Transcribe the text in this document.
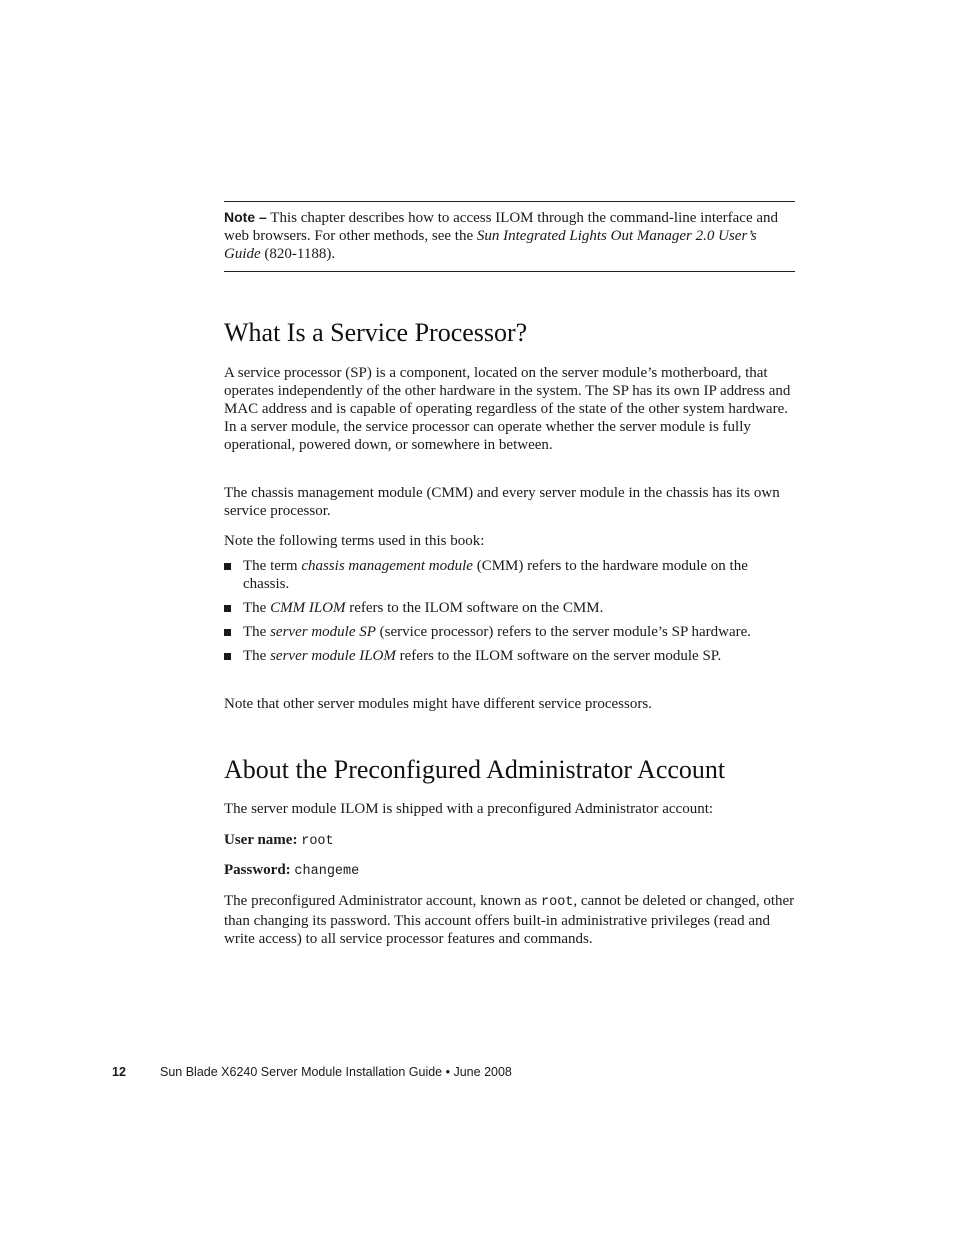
Note – This chapter describes how to access ILOM through the command-line interface and web browsers. For other methods, see the Sun Integrated Lights Out Manager 2.0 User’s Guide (820-1188).
What Is a Service Processor?

A service processor (SP) is a component, located on the server module’s motherboard, that operates independently of the other hardware in the system. The SP has its own IP address and MAC address and is capable of operating regardless of the state of the other system hardware. In a server module, the service processor can operate whether the server module is fully operational, powered down, or somewhere in between.

The chassis management module (CMM) and every server module in the chassis has its own service processor.

Note the following terms used in this book:

The term chassis management module (CMM) refers to the hardware module on the chassis.
The CMM ILOM refers to the ILOM software on the CMM.
The server module SP (service processor) refers to the server module’s SP hardware.
The server module ILOM refers to the ILOM software on the server module SP.

Note that other server modules might have different service processors.

About the Preconfigured Administrator Account

The server module ILOM is shipped with a preconfigured Administrator account:

User name: root

Password: changeme

The preconfigured Administrator account, known as root, cannot be deleted or changed, other than changing its password. This account offers built-in administrative privileges (read and write access) to all service processor features and commands.

12	Sun Blade X6240 Server Module Installation Guide • June 2008
